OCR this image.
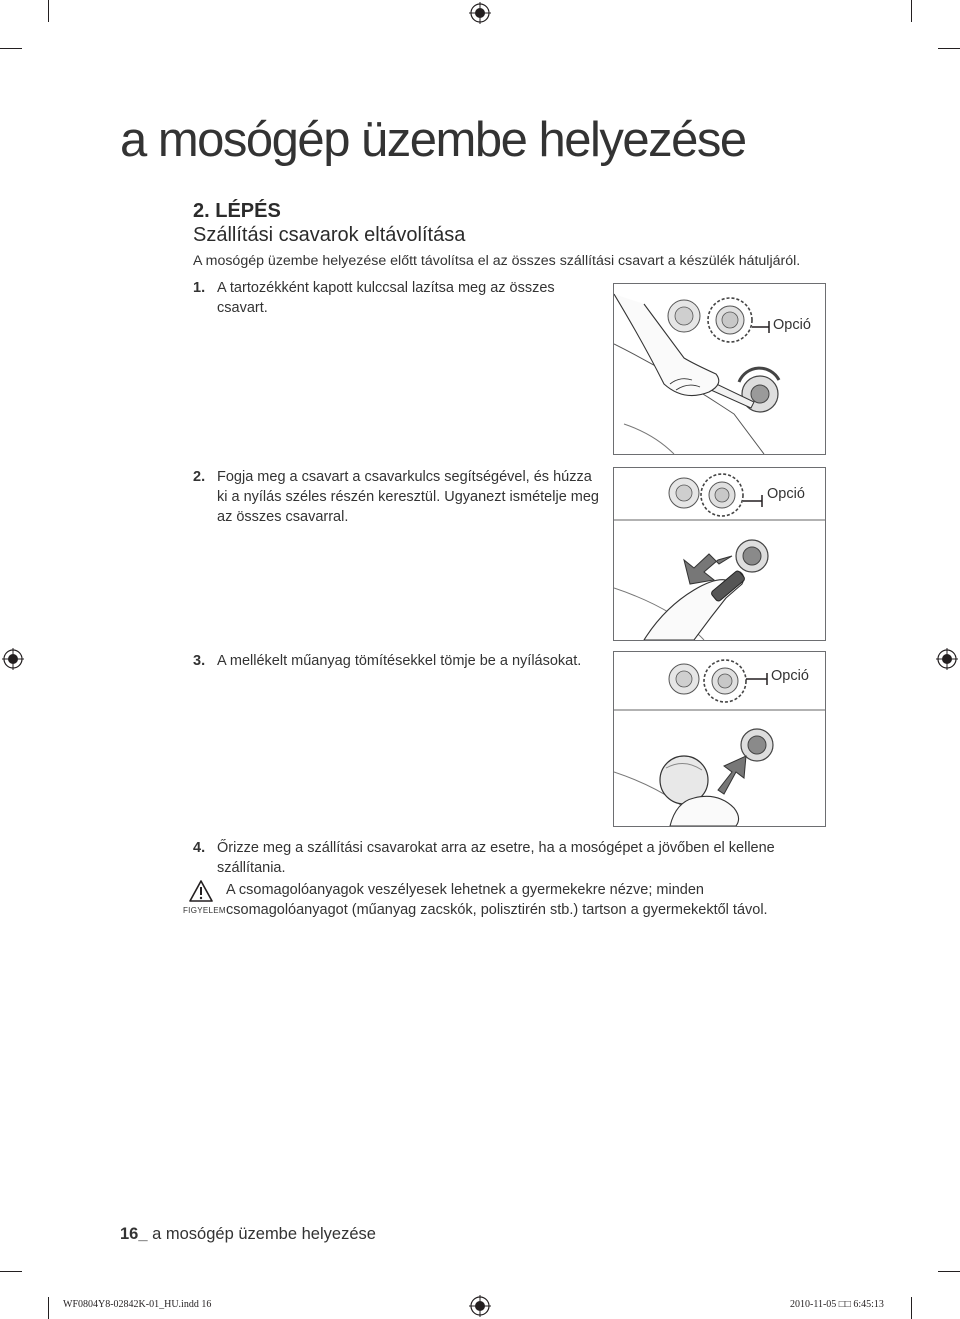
a mosógép üzembe helyezése
2. LÉPÉS
Szállítási csavarok eltávolítása
A mosógép üzembe helyezése előtt távolítsa el az összes szállítási csavart a készülék hátuljáról.
1. A tartozékként kapott kulccsal lazítsa meg az összes
csavart.
Opció
2. Fogja meg a csavart a csavarkulcs segítségével, és húzza
ki a nyílás széles részén keresztül. Ugyanezt ismételje meg
az összes csavarral.
Opció
3. A mellékelt műanyag tömítésekkel tömje be a nyílásokat.
Opció
4. Őrizze meg a szállítási csavarokat arra az esetre, ha a mosógépet a jövőben el kellene
szállítania.
FIGYELEM
A csomagolóanyagok veszélyesek lehetnek a gyermekekre nézve; minden
csomagolóanyagot (műanyag zacskók, polisztirén stb.) tartson a gyermekektől távol.
16_ a mosógép üzembe helyezése
WF0804Y8-02842K-01_HU.indd 16	2010-11-05 □□ 6:45:13
